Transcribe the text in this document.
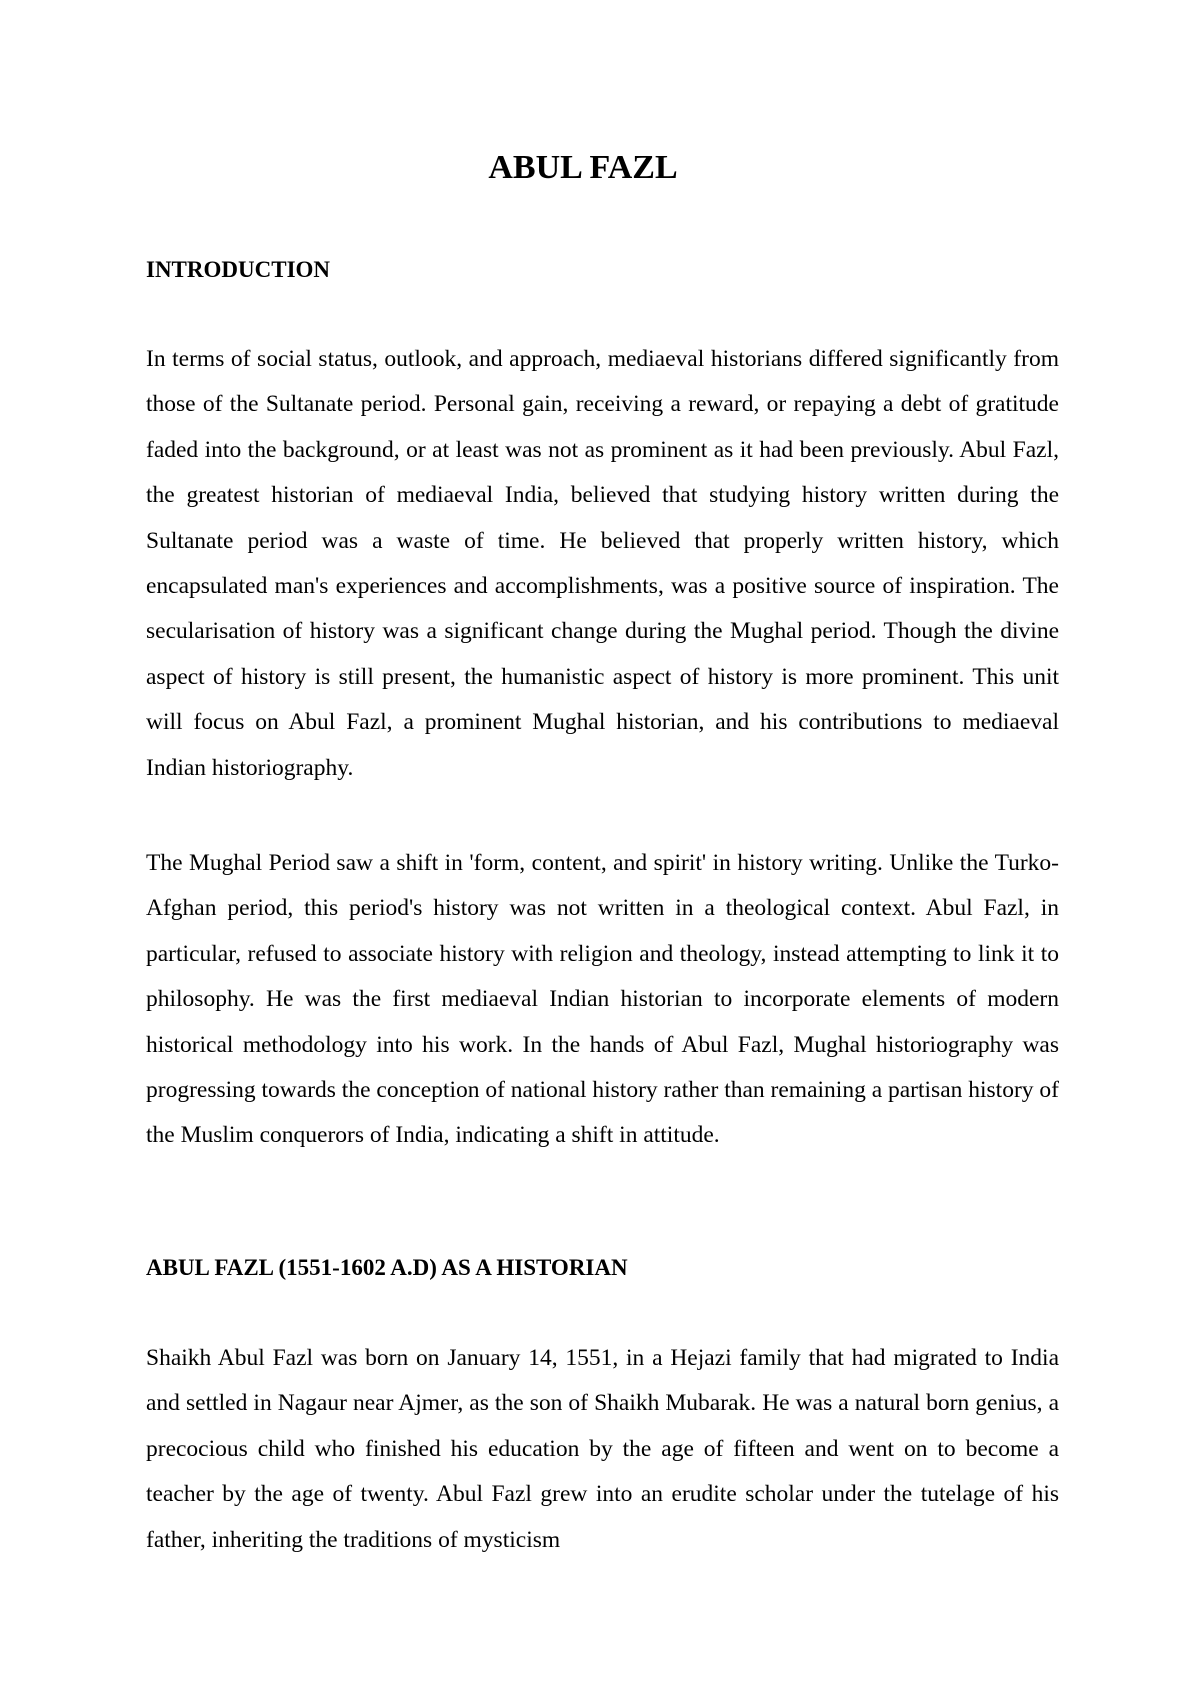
ABUL FAZL
INTRODUCTION

In terms of social status, outlook, and approach, mediaeval historians differed significantly from those of the Sultanate period. Personal gain, receiving a reward, or repaying a debt of gratitude faded into the background, or at least was not as prominent as it had been previously. Abul Fazl, the greatest historian of mediaeval India, believed that studying history written during the Sultanate period was a waste of time. He believed that properly written history, which encapsulated man's experiences and accomplishments, was a positive source of inspiration. The secularisation of history was a significant change during the Mughal period. Though the divine aspect of history is still present, the humanistic aspect of history is more prominent. This unit will focus on Abul Fazl, a prominent Mughal historian, and his contributions to mediaeval Indian historiography.

The Mughal Period saw a shift in 'form, content, and spirit' in history writing. Unlike the Turko-Afghan period, this period's history was not written in a theological context. Abul Fazl, in particular, refused to associate history with religion and theology, instead attempting to link it to philosophy. He was the first mediaeval Indian historian to incorporate elements of modern historical methodology into his work. In the hands of Abul Fazl, Mughal historiography was progressing towards the conception of national history rather than remaining a partisan history of the Muslim conquerors of India, indicating a shift in attitude.

ABUL FAZL (1551-1602 A.D) AS A HISTORIAN

Shaikh Abul Fazl was born on January 14, 1551, in a Hejazi family that had migrated to India and settled in Nagaur near Ajmer, as the son of Shaikh Mubarak. He was a natural born genius, a precocious child who finished his education by the age of fifteen and went on to become a teacher by the age of twenty. Abul Fazl grew into an erudite scholar under the tutelage of his father, inheriting the traditions of mysticism
